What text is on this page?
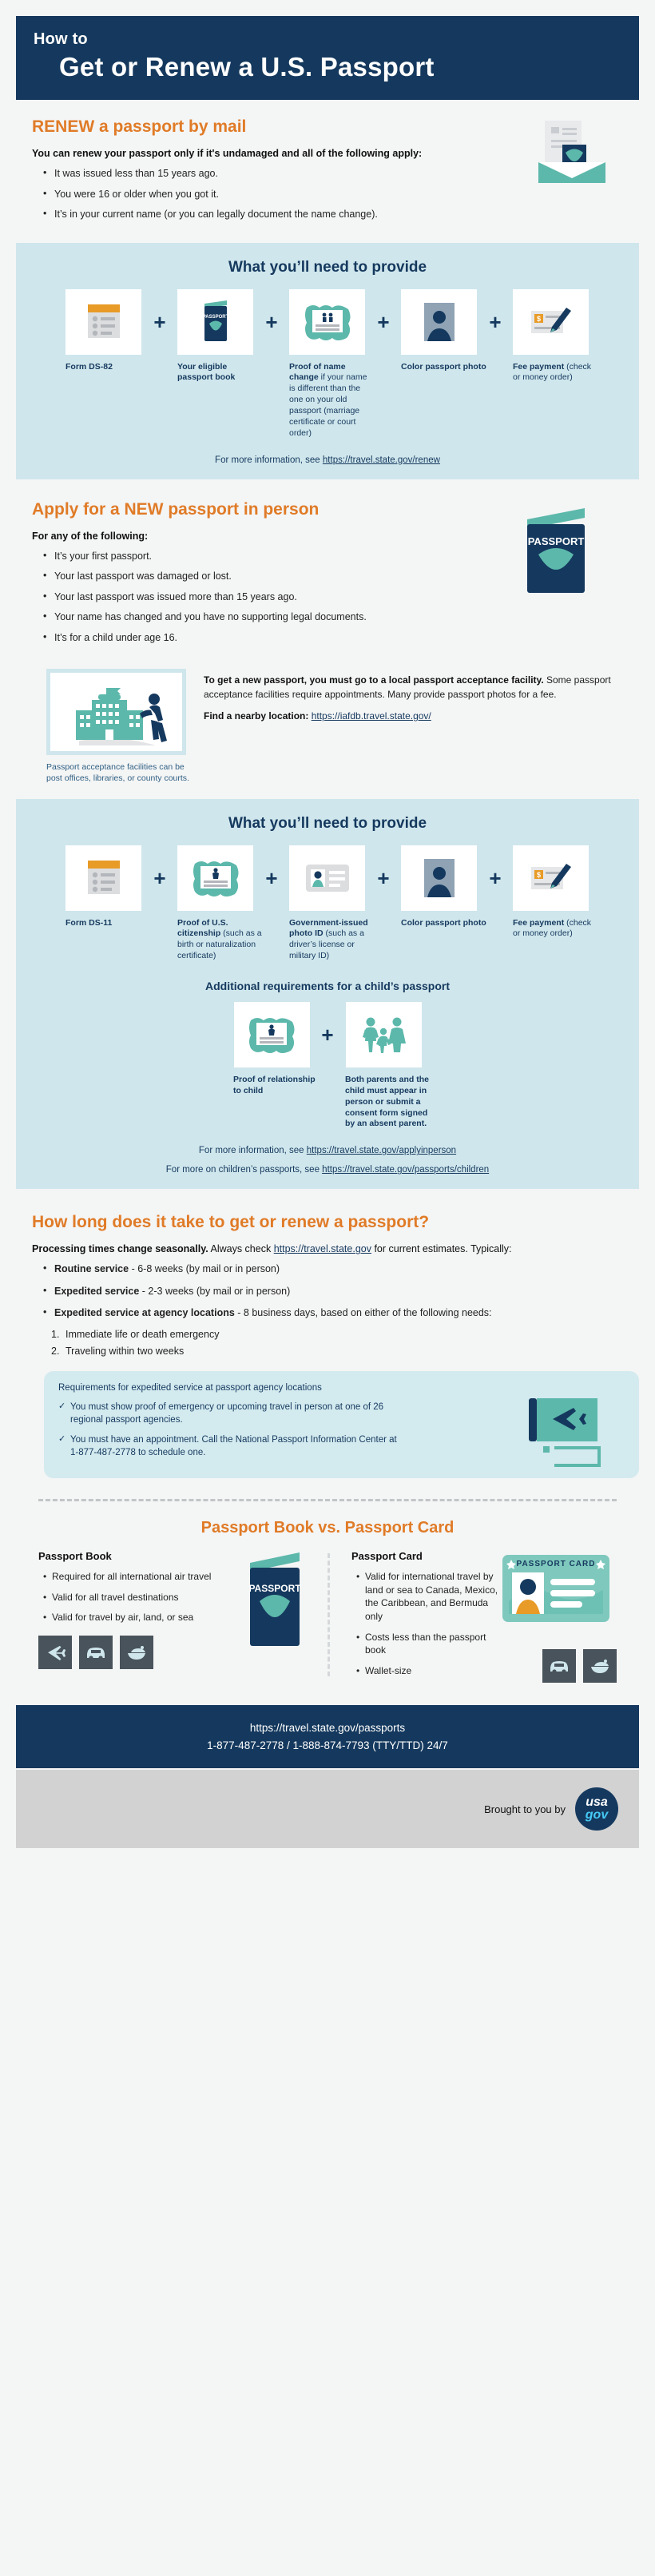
How to
Get or Renew a U.S. Passport
RENEW a passport by mail
You can renew your passport only if it's undamaged and all of the following apply:
• It was issued less than 15 years ago.
• You were 16 or older when you got it.
• It’s in your current name (or you can legally document the name change).
What you’ll need to provide
Form DS-82
+	PASSPORT
Your eligible passport book
+
Proof of name change if your name is different than the one on your old passport (marriage certificate or court order)
+
Color passport photo
+	$
Fee payment (check or money order)
For more information, see https://travel.state.gov/renew
Apply for a NEW passport in person
For any of the following:
• It’s your first passport.
• Your last passport was damaged or lost.
• Your last passport was issued more than 15 years ago.
• Your name has changed and you have no supporting legal documents.
• It’s for a child under age 16.
PASSPORT
Passport acceptance facilities can be post offices, libraries, or county courts.
To get a new passport, you must go to a local passport acceptance facility. Some passport acceptance facilities require appointments. Many provide passport photos for a fee.
Find a nearby location: https://iafdb.travel.state.gov/
What you’ll need to provide
Form DS-11
+
Proof of U.S. citizenship (such as a birth or naturalization certificate)
+
Government-issued photo ID (such as a driver’s license or military ID)
+
Color passport photo
+	$
Fee payment (check or money order)
Additional requirements for a child’s passport
Proof of relationship to child
+
Both parents and the child must appear in person or submit a consent form signed by an absent parent.
For more information, see https://travel.state.gov/applyinperson
For more on children’s passports, see https://travel.state.gov/passports/children
How long does it take to get or renew a passport?
Processing times change seasonally. Always check https://travel.state.gov for current estimates. Typically:
• Routine service - 6-8 weeks (by mail or in person)
• Expedited service - 2-3 weeks (by mail or in person)
• Expedited service at agency locations - 8 business days, based on either of the following needs:
Immediate life or death emergency
Traveling within two weeks
Requirements for expedited service at passport agency locations
✓ You must show proof of emergency or upcoming travel in person at one of 26 regional passport agencies.
✓ You must have an appointment. Call the National Passport Information Center at 1-877-487-2778 to schedule one.
Passport Book vs. Passport Card
Passport Book
• Required for all international air travel
• Valid for all travel destinations
• Valid for travel by air, land, or sea
PASSPORT
Passport Card
• Valid for international travel by land or sea to Canada, Mexico, the Caribbean, and Bermuda only
• Costs less than the passport book
• Wallet-size
PASSPORT CARD
https://travel.state.gov/passports
1-877-487-2778 / 1-888-874-7793 (TTY/TTD) 24/7
Brought to you by usa
gov
